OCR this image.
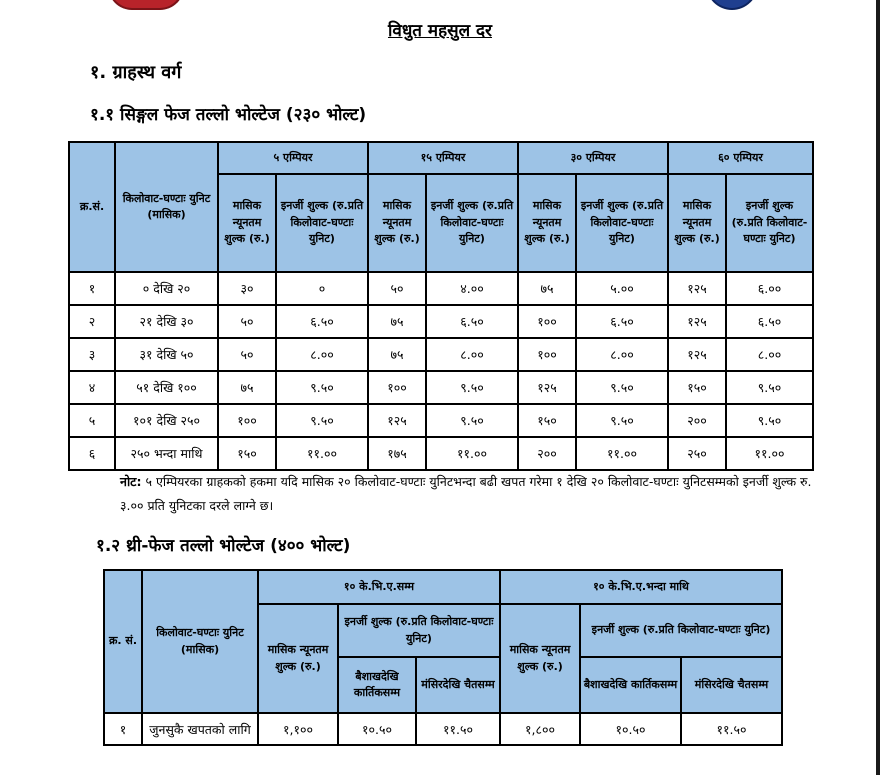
विधुत महसुल दर
१. ग्राहस्थ वर्ग
१.१ सिङ्गल फेज तल्लो भोल्टेज (२३० भोल्ट)
क्र.सं.	किलोवाट-घण्टाः युनिट (मासिक)	५ एम्पियर		१५ एम्पियर		३० एम्पियर		६० एम्पियर	
		मासिक न्यूनतम शुल्क (रु.)	इनर्जी शुल्क (रु.प्रति किलोवाट-घण्टाः युनिट)	मासिक न्यूनतम शुल्क (रु.)	इनर्जी शुल्क (रु.प्रति किलोवाट-घण्टाः युनिट)	मासिक न्यूनतम शुल्क (रु.)	इनर्जी शुल्क (रु.प्रति किलोवाट-घण्टाः युनिट)	मासिक न्यूनतम शुल्क (रु.)	इनर्जी शुल्क (रु.प्रति किलोवाट-घण्टाः युनिट)
१	० देखि २०	३०	०	५०	४.००	७५	५.००	१२५	६.००
२	२१ देखि ३०	५०	६.५०	७५	६.५०	१००	६.५०	१२५	६.५०
३	३१ देखि ५०	५०	८.००	७५	८.००	१००	८.००	१२५	८.००
४	५१ देखि १००	७५	९.५०	१००	९.५०	१२५	९.५०	१५०	९.५०
५	१०१ देखि २५०	१००	९.५०	१२५	९.५०	१५०	९.५०	२००	९.५०
६	२५० भन्दा माथि	१५०	११.००	१७५	११.००	२००	११.००	२५०	११.००
नोट: ५ एम्पियरका ग्राहकको हकमा यदि मासिक २० किलोवाट-घण्टाः युनिटभन्दा बढी खपत गरेमा १ देखि २० किलोवाट-घण्टाः युनिटसम्मको इनर्जी शुल्क रु. ३.०० प्रति युनिटका दरले लाग्ने छ।
१.२ थ्री-फेज तल्लो भोल्टेज (४०० भोल्ट)
क्र. सं.	किलोवाट-घण्टाः युनिट (मासिक)	१० के.भि.ए.सम्म			१० के.भि.ए.भन्दा माथि		
		मासिक न्यूनतम शुल्क (रु.)	इनर्जी शुल्क (रु.प्रति किलोवाट-घण्टाः युनिट)		मासिक न्यूनतम शुल्क (रु.)	इनर्जी शुल्क (रु.प्रति किलोवाट-घण्टाः युनिट)	
			बैशाखदेखि कार्तिकसम्म	मंसिरदेखि चैतसम्म		बैशाखदेखि कार्तिकसम्म	मंसिरदेखि चैतसम्म
१	जुनसुकै खपतको लागि	१,१००	१०.५०	११.५०	१,८००	१०.५०	११.५०
